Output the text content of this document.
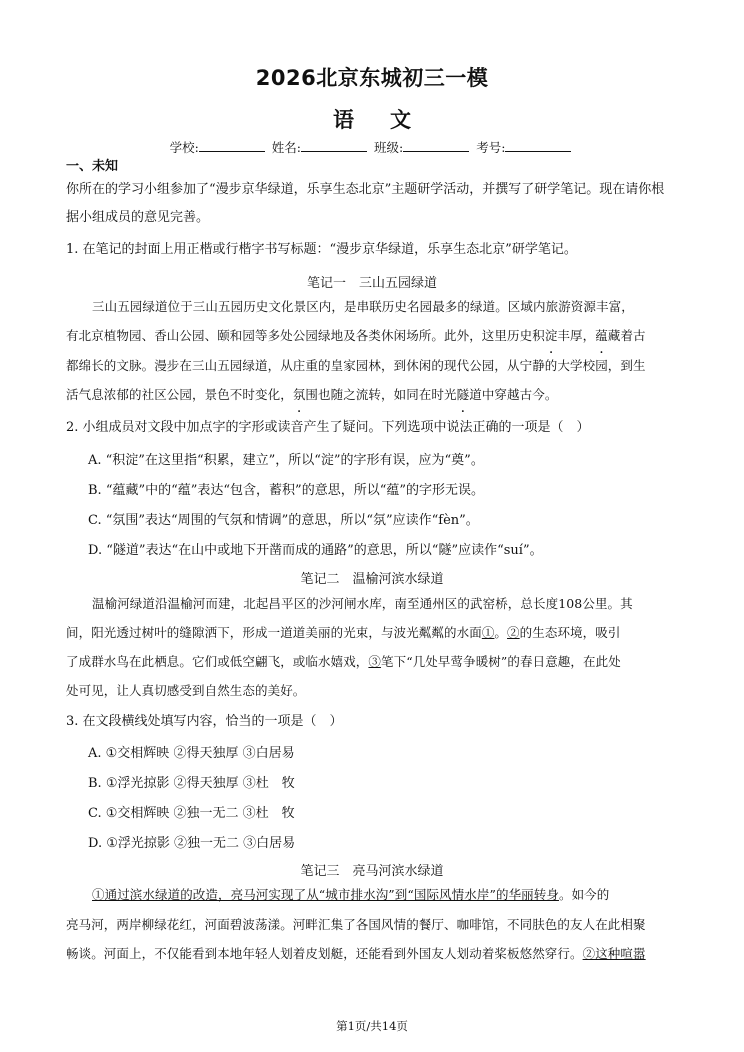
2026北京东城初三一模
语 文
学校:	姓名:	班级:	考号:
一、未知
你所在的学习小组参加了“漫步京华绿道，乐享生态北京”主题研学活动，并撰写了研学笔记。现在请你根
据小组成员的意见完善。
1. 在笔记的封面上用正楷或行楷字书写标题：“漫步京华绿道，乐享生态北京”研学笔记。
笔记一　三山五园绿道
三山五园绿道位于三山五园历史文化景区内，是串联历史名园最多的绿道。区域内旅游资源丰富，
有北京植物园、香山公园、颐和园等多处公园绿地及各类休闲场所。此外，这里历史积淀丰厚，蕴藏着古
都绵长的文脉。漫步在三山五园绿道，从庄重的皇家园林，到休闲的现代公园，从宁静的大学校园，到生
活气息浓郁的社区公园，景色不时变化，氛围也随之流转，如同在时光隧道中穿越古今。
2. 小组成员对文段中加点字的字形或读音产生了疑问。下列选项中说法正确的一项是（　）
A. “积淀”在这里指“积累，建立”，所以“淀”的字形有误，应为“奠”。
B. “蕴藏”中的“蕴”表达“包含，蓄积”的意思，所以“蕴”的字形无误。
C. “氛围”表达“周围的气氛和情调”的意思，所以“氛”应读作“fèn”。
D. “隧道”表达“在山中或地下开凿而成的通路”的意思，所以“隧”应读作“suí”。
笔记二　温榆河滨水绿道
温榆河绿道沿温榆河而建，北起昌平区的沙河闸水库，南至通州区的武窑桥，总长度108公里。其
间，阳光透过树叶的缝隙洒下，形成一道道美丽的光束，与波光粼粼的水面①。②的生态环境，吸引
了成群水鸟在此栖息。它们或低空翩飞，或临水嬉戏，③笔下“几处早莺争暖树”的春日意趣，在此处
处可见，让人真切感受到自然生态的美好。
3. 在文段横线处填写内容，恰当的一项是（　）
A. ①交相辉映 ②得天独厚 ③白居易
B. ①浮光掠影 ②得天独厚 ③杜　牧
C. ①交相辉映 ②独一无二 ③杜　牧
D. ①浮光掠影 ②独一无二 ③白居易
笔记三　亮马河滨水绿道
①通过滨水绿道的改造，亮马河实现了从“城市排水沟”到“国际风情水岸”的华丽转身。如今的
亮马河，两岸柳绿花红，河面碧波荡漾。河畔汇集了各国风情的餐厅、咖啡馆，不同肤色的友人在此相聚
畅谈。河面上，不仅能看到本地年轻人划着皮划艇，还能看到外国友人划动着桨板悠然穿行。②这种喧嚣
第1页/共14页
